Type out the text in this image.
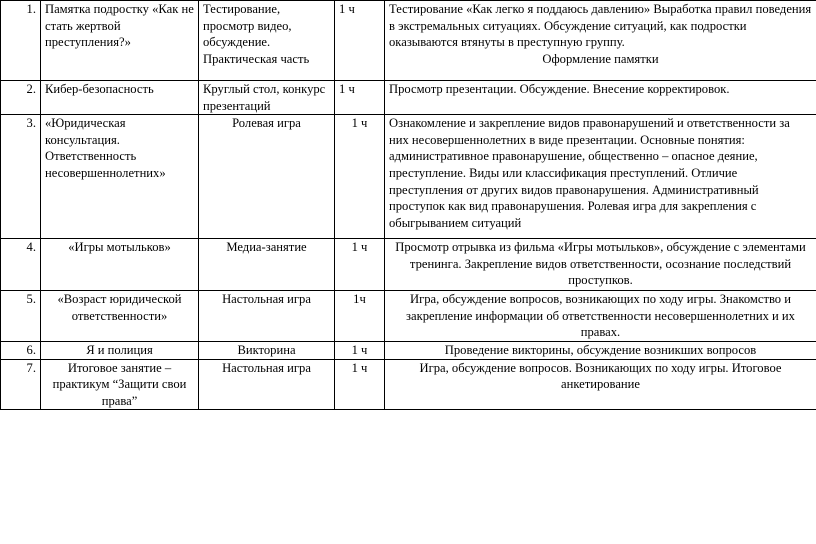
1.	Памятка подростку «Как не стать жертвой преступления?»	Тестирование, просмотр видео, обсуждение. Практическая часть	1 ч	Тестирование «Как легко я поддаюсь давлению» Выработка правил поведения в экстремальных ситуациях. Обсуждение ситуаций, как подростки оказываются втянуты в преступную группу.
Оформление памятки

2.	Кибер-безопасность	Круглый стол, конкурс презентаций	1 ч	Просмотр презентации. Обсуждение. Внесение корректировок.
3.	«Юридическая консультация. Ответственность несовершеннолетних»	Ролевая игра	1 ч	Ознакомление и закрепление видов правонарушений и ответственности за них несовершеннолетних в виде презентации. Основные понятия: административное правонарушение, общественно – опасное деяние, преступление. Виды или классификация преступлений. Отличие преступления от других видов правонарушения. Административный проступок как вид правонарушения. Ролевая игра для закрепления с обыгрыванием ситуаций
4.	«Игры мотыльков»	Медиа-занятие	1 ч	Просмотр отрывка из фильма «Игры мотыльков», обсуждение с элементами тренинга. Закрепление видов ответственности, осознание последствий проступков.
5.	«Возраст юридической ответственности»	Настольная игра	1ч	Игра, обсуждение вопросов, возникающих по ходу игры. Знакомство и закрепление информации об ответственности несовершеннолетних и их правах.
6.	Я и полиция	Викторина	1 ч	Проведение викторины, обсуждение возникших вопросов
7.	Итоговое занятие – практикум “Защити свои права”	Настольная игра	1 ч	Игра, обсуждение вопросов. Возникающих по ходу игры. Итоговое анкетирование
